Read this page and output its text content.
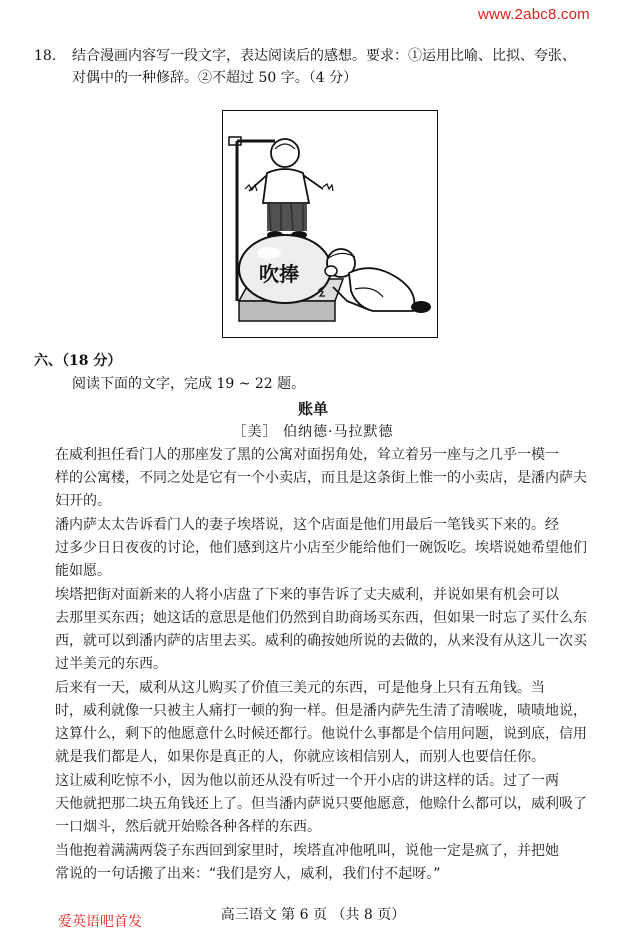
www.2abc8.com
18. 结合漫画内容写一段文字，表达阅读后的感想。要求：①运用比喻、比拟、夸张、
对偶中的一种修辞。②不超过 50 字。（4 分）
吹捧
六、（18 分）
阅读下面的文字，完成 19 ~ 22 题。
账单
［美］ 伯纳德·马拉默德
在威利担任看门人的那座发了黑的公寓对面拐角处，耸立着另一座与之几乎一模一
样的公寓楼，不同之处是它有一个小卖店，而且是这条街上惟一的小卖店，是潘内萨夫
妇开的。
潘内萨太太告诉看门人的妻子埃塔说，这个店面是他们用最后一笔钱买下来的。经
过多少日日夜夜的讨论，他们感到这片小店至少能给他们一碗饭吃。埃塔说她希望他们
能如愿。
埃塔把街对面新来的人将小店盘了下来的事告诉了丈夫威利，并说如果有机会可以
去那里买东西；她这话的意思是他们仍然到自助商场买东西，但如果一时忘了买什么东
西，就可以到潘内萨的店里去买。威利的确按她所说的去做的，从来没有从这儿一次买
过半美元的东西。
后来有一天，威利从这儿购买了价值三美元的东西，可是他身上只有五角钱。当
时，威利就像一只被主人痛打一顿的狗一样。但是潘内萨先生清了清喉咙，啧啧地说，
这算什么，剩下的他愿意什么时候还都行。他说什么事都是个信用问题，说到底，信用
就是我们都是人，如果你是真正的人，你就应该相信别人，而别人也要信任你。
这让威利吃惊不小，因为他以前还从没有听过一个开小店的讲这样的话。过了一两
天他就把那二块五角钱还上了。但当潘内萨说只要他愿意，他赊什么都可以，威利吸了
一口烟斗，然后就开始赊各种各样的东西。
当他抱着满满两袋子东西回到家里时，埃塔直冲他吼叫，说他一定是疯了，并把她
常说的一句话搬了出来：“我们是穷人，威利，我们付不起呀。”
高三语文 第 6 页 （共 8 页）
爱英语吧首发
